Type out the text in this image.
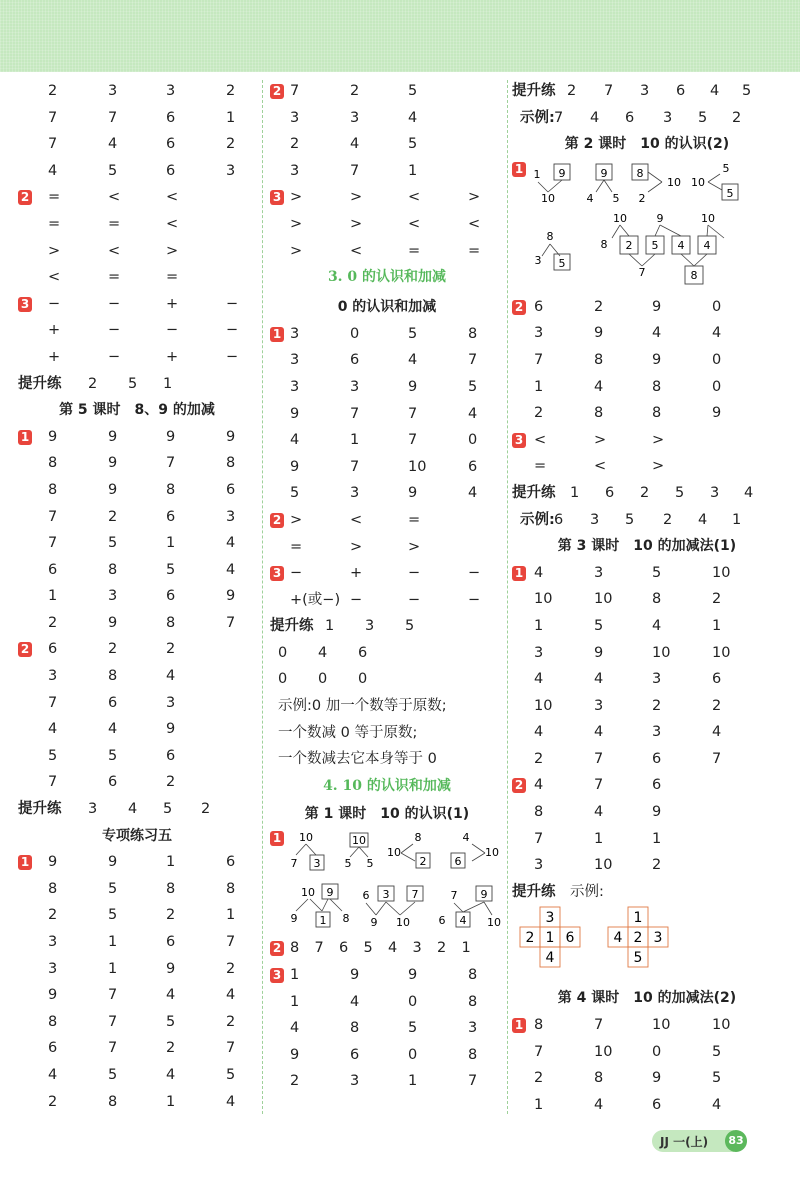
2	3	3	2
7	7	6	1
7	4	6	2
4	5	6	3
2 =	<	<
=	=	<
>	<	>
<	=	=
3 −	−	+	−
+	−	−	−
+	−	+	−
提升练 2 5 1
第 5 课时　8、9 的加减
1 9	9	9	9
8	9	7	8
8	9	8	6
7	2	6	3
7	5	1	4
6	8	5	4
1	3	6	9
2	9	8	7
2 6	2	2
3	8	4
7	6	3
4	4	9
5	5	6
7	6	2
提升练 3 4 5 2
专项练习五
1 9	9	1	6
8	5	8	8
2	5	2	1
3	1	6	7
3	1	9	2
9	7	4	4
8	7	5	2
6	7	2	7
4	5	4	5
2	8	1	4
2 7	2	5
3	3	4
2	4	5
3	7	1
3 >	>	<	>
>	>	<	<
>	<	=	=
3. 0 的认识和加减
0 的认识和加减
1 3	0	5	8
3	6	4	7
3	3	9	5
9	7	7	4
4	1	7	0
9	7	10	6
5	3	9	4
2 >	<	=
=	>	>
3 −	+	−	−
+(或−) −	−	−
提升练 1 3 5
0 4 6
0 0 0
示例:0 加一个数等于原数;
一个数减 0 等于原数;
一个数减去它本身等于 0
4. 10 的认识和加减
第 1 课时　10 的认识(1)
10
7 3
10
5 5
8
10
2
4
10
6
10 9
9 1 8
6 3 7
9 10
7 9
4
6	10
1
2 8 7 6 5 4 3 2 1
3 1	9	9	8
1	4	0	8
4	8	5	3
9	6	0	8
2	3	1	7
提升练 2 7 3 6 4 5
示例: 7 4 6 3 5 2
第 2 课时　10 的认识(2)
1 9
10
9
4 5
8
2
10
5
10
5
8
3 5
10	9	10
8 2 5 4 4
7	8
1
2 6	2	9	0
3	9	4	4
7	8	9	0
1	4	8	0
2	8	8	9
3 <	>	>
=	<	>
提升练 1 6 2 5 3 4
示例: 6 3 5 2 4 1
第 3 课时　10 的加减法(1)
1 4	3	5	10
10	10	8	2
1	5	4	1
3	9	10	10
4	4	3	6
10	3	2	2
4	4	3	4
2	7	6	7
2 4	7	6
8	4	9
7	1	1
3	10	2
提升练 示例:
3
2 1 6
4
1
4 2 3
5
第 4 课时　10 的加减法(2)
1 8	7	10	10
7	10	0	5
2	8	9	5
1	4	6	4
JJ 一(上)	83
